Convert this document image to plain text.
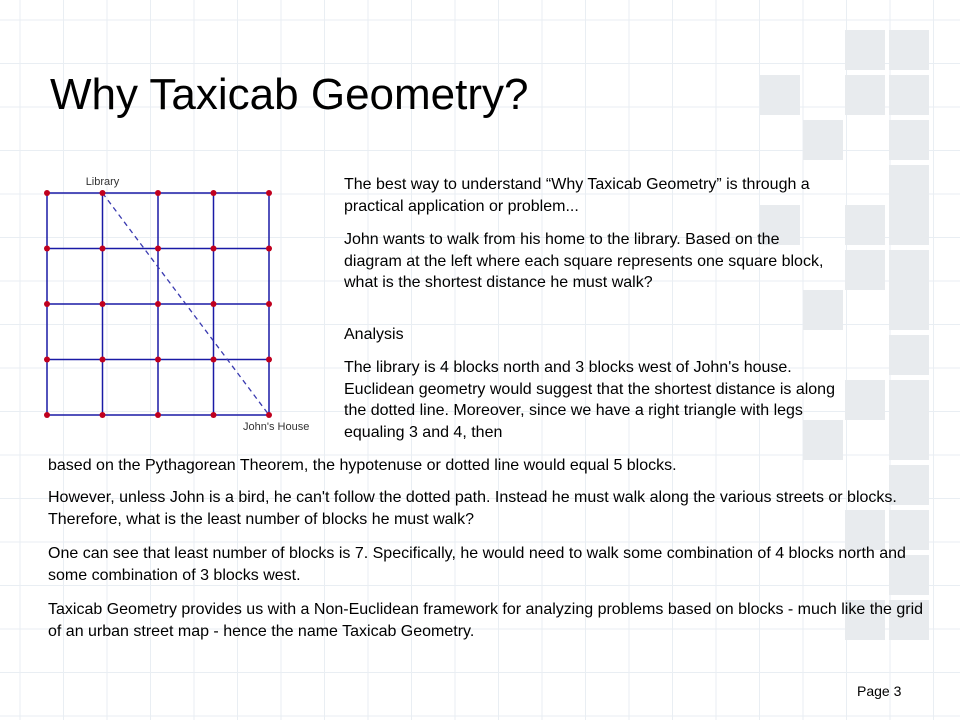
Why Taxicab Geometry?
Library
John's House

The best way to understand “Why Taxicab Geometry” is through a practical application or problem...

John wants to walk from his home to the library. Based on the diagram at the left where each square represents one square block, what is the shortest distance he must walk?

Analysis

The library is 4 blocks north and 3 blocks west of John's house. Euclidean geometry would suggest that the shortest distance is along the dotted line. Moreover, since we have a right triangle with legs equaling 3 and 4, then

based on the Pythagorean Theorem, the hypotenuse or dotted line would equal 5 blocks.

However, unless John is a bird, he can't follow the dotted path. Instead he must walk along the various streets or blocks. Therefore, what is the least number of blocks he must walk?

One can see that least number of blocks is 7. Specifically, he would need to walk some combination of 4 blocks north and some combination of 3 blocks west.

Taxicab Geometry provides us with a Non-Euclidean framework for analyzing problems based on blocks - much like the grid of an urban street map - hence the name Taxicab Geometry.

Page 3
